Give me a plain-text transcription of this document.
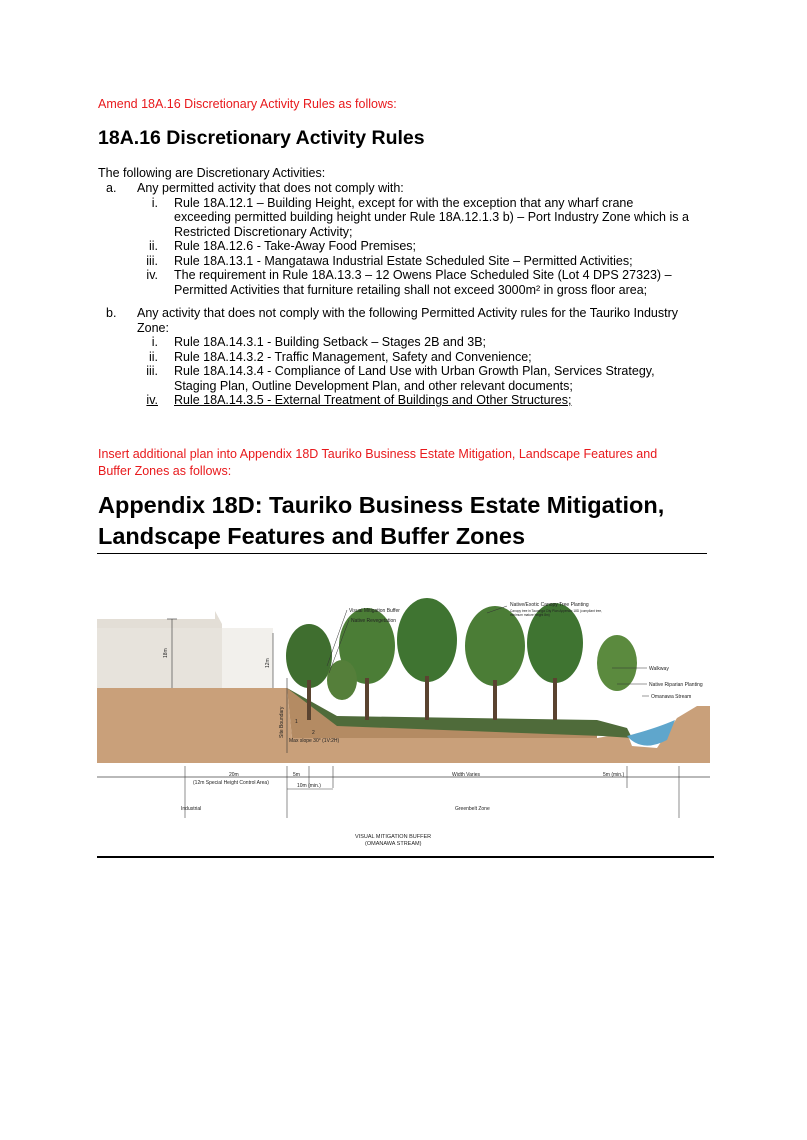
Amend 18A.16 Discretionary Activity Rules as follows:
18A.16 Discretionary Activity Rules
The following are Discretionary Activities:
a. Any permitted activity that does not comply with:
i. Rule 18A.12.1 – Building Height, except for with the exception that any wharf crane
exceeding permitted building height under Rule 18A.12.1.3 b) – Port Industry Zone which is a
Restricted Discretionary Activity;
ii. Rule 18A.12.6 - Take-Away Food Premises;
iii. Rule 18A.13.1 - Mangatawa Industrial Estate Scheduled Site – Permitted Activities;
iv. The requirement in Rule 18A.13.3 – 12 Owens Place Scheduled Site (Lot 4 DPS 27323) –
Permitted Activities that furniture retailing shall not exceed 3000m² in gross floor area;
b. Any activity that does not comply with the following Permitted Activity rules for the Tauriko Industry
Zone:
i. Rule 18A.14.3.1 - Building Setback – Stages 2B and 3B;
ii. Rule 18A.14.3.2 - Traffic Management, Safety and Convenience;
iii. Rule 18A.14.3.4 - Compliance of Land Use with Urban Growth Plan, Services Strategy,
Staging Plan, Outline Development Plan, and other relevant documents;
iv. Rule 18A.14.3.5 - External Treatment of Buildings and Other Structures;
Insert additional plan into Appendix 18D Tauriko Business Estate Mitigation, Landscape Features and
Buffer Zones as follows:
Appendix 18D: Tauriko Business Estate Mitigation,
Landscape Features and Buffer Zones
18m
12m
Site Boundary
Max slope 30° (1V:2H)
2
1
Visual Mitigation Buffer
Native Revegetation
Native/Exotic Canopy Tree Planting
Canopy tree in Tauranga City Plan Appendix 18D (compliant tree,
minimum mature height 8m)
Walkway
Native Riparian Planting
Omanawa Stream
20m
(12m Special Height Control Area)
5m
10m (min.)
Width Varies	5m (min.)
Industrial	Greenbelt Zone
VISUAL MITIGATION BUFFER
(OMANAWA STREAM)
